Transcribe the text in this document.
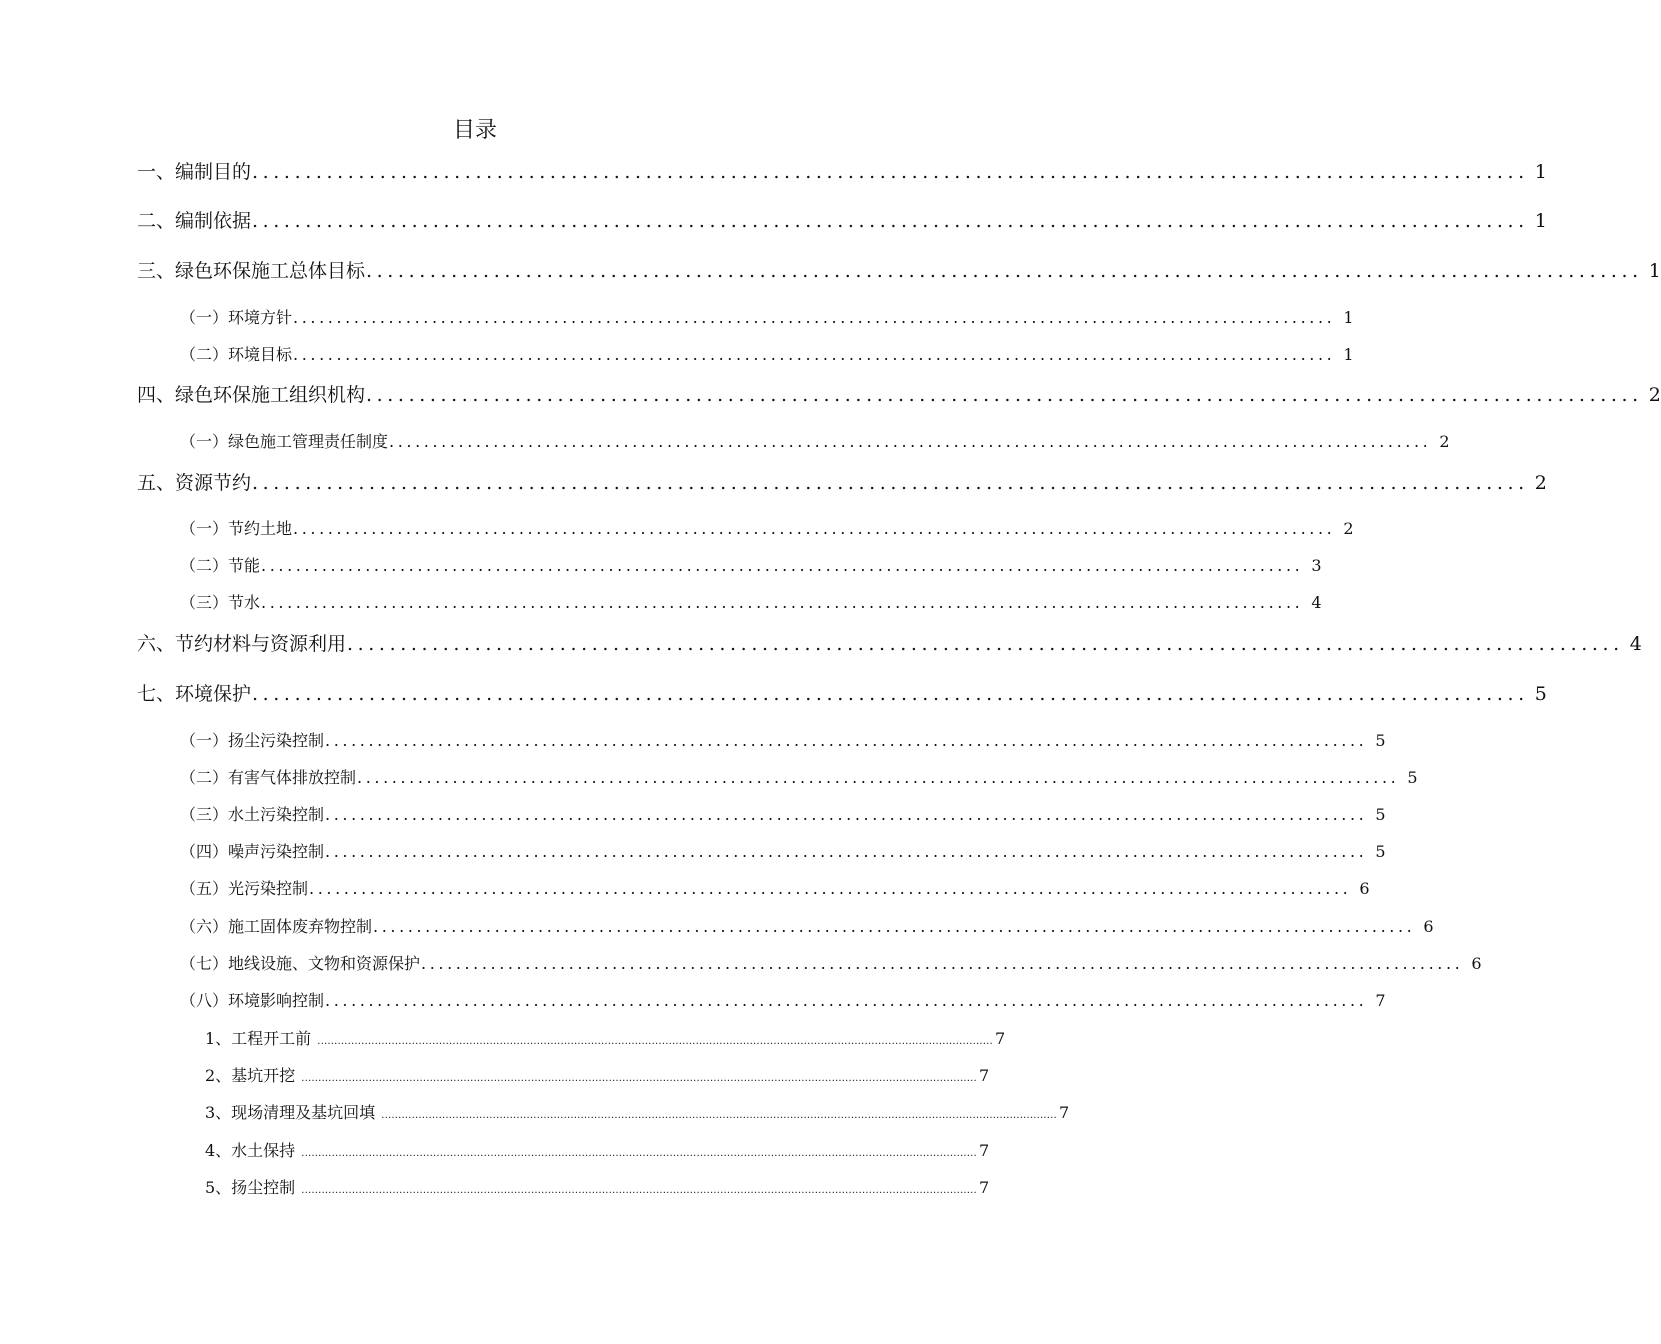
目录
一、编制目的 ........................................................................................................................ 1
二、编制依据 ........................................................................................................................ 1
三、绿色环保施工总体目标 ........................................................................................................................ 1
（一）环境方针 ........................................................................................................................ 1
（二）环境目标 ........................................................................................................................ 1
四、绿色环保施工组织机构 ........................................................................................................................ 2
（一）绿色施工管理责任制度 ........................................................................................................................ 2
五、资源节约 ........................................................................................................................ 2
（一）节约土地 ........................................................................................................................ 2
（二）节能 ........................................................................................................................ 3
（三）节水 ........................................................................................................................ 4
六、节约材料与资源利用 ........................................................................................................................ 4
七、环境保护 ........................................................................................................................ 5
（一）扬尘污染控制 ........................................................................................................................ 5
（二）有害气体排放控制 ........................................................................................................................ 5
（三）水土污染控制 ........................................................................................................................ 5
（四）噪声污染控制 ........................................................................................................................ 5
（五）光污染控制 ........................................................................................................................ 6
（六）施工固体废弃物控制 ........................................................................................................................ 6
（七）地线设施、文物和资源保护 ........................................................................................................................ 6
（八）环境影响控制 ........................................................................................................................ 7
1、工程开工前 ........................................................................................................................................................................................................ 7
2、基坑开挖 ........................................................................................................................................................................................................ 7
3、现场清理及基坑回填 ........................................................................................................................................................................................................ 7
4、水土保持 ........................................................................................................................................................................................................ 7
5、扬尘控制 ........................................................................................................................................................................................................ 7
